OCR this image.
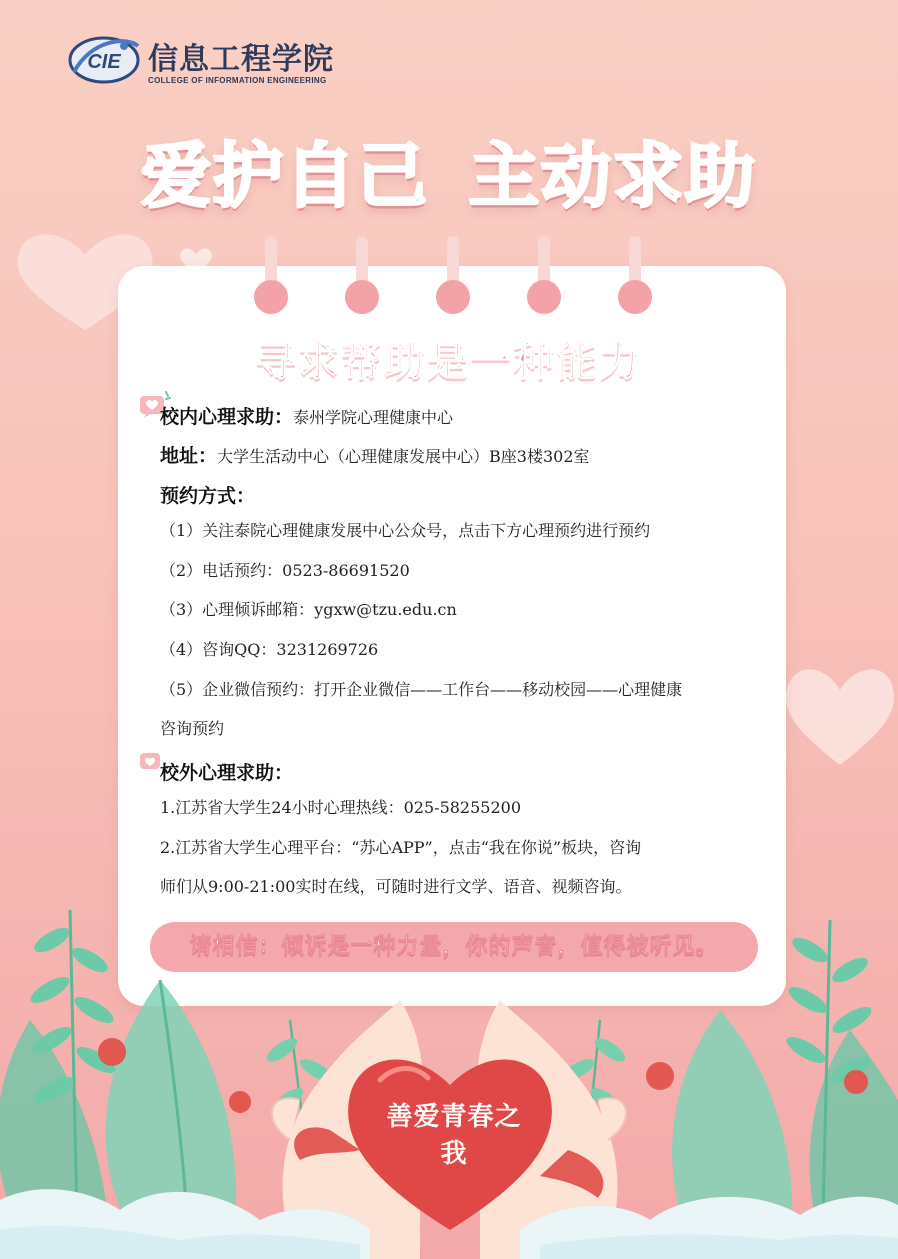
CIE 信息工程学院
COLLEGE OF INFORMATION ENGINEERING
爱护自己 主动求助
寻求帮助是一种能力
校内心理求助：泰州学院心理健康中心
地址：大学生活动中心（心理健康发展中心）B座3楼302室
预约方式：
（1）关注泰院心理健康发展中心公众号，点击下方心理预约进行预约
（2）电话预约：0523-86691520
（3）心理倾诉邮箱：ygxw@tzu.edu.cn
（4）咨询QQ：3231269726
（5）企业微信预约：打开企业微信——工作台——移动校园——心理健康
咨询预约
校外心理求助：
1.江苏省大学生24小时心理热线：025-58255200
2.江苏省大学生心理平台：“苏心APP”，点击“我在你说”板块，咨询
师们从9:00-21:00实时在线，可随时进行文学、语音、视频咨询。
善爱青春之我
请相信：倾诉是一种力量，你的声音，值得被听见。
